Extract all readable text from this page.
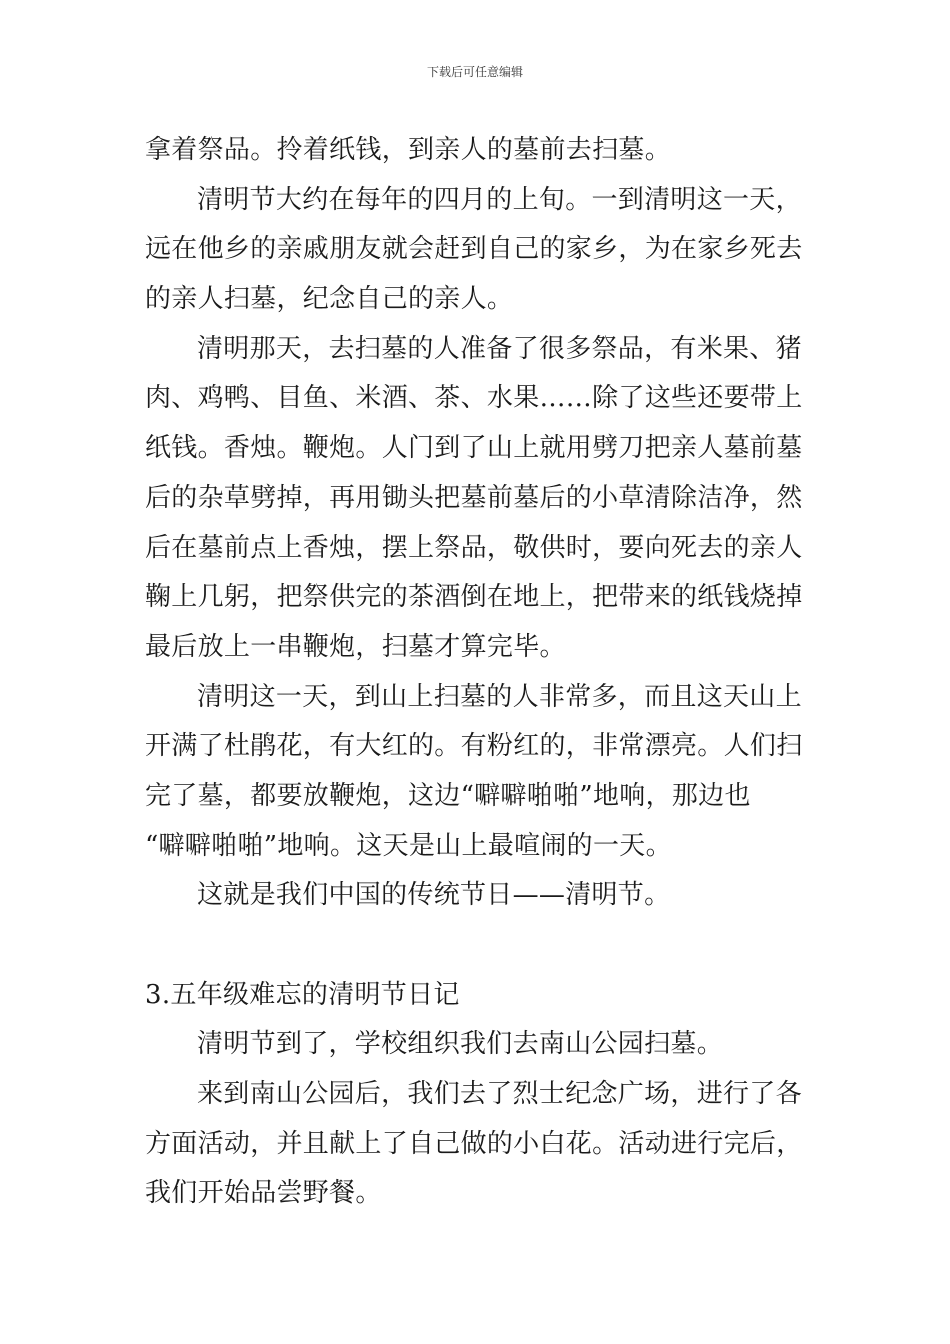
下载后可任意编辑
拿着祭品。拎着纸钱，到亲人的墓前去扫墓。
清明节大约在每年的四月的上旬。一到清明这一天，
远在他乡的亲戚朋友就会赶到自己的家乡，为在家乡死去
的亲人扫墓，纪念自己的亲人。
清明那天，去扫墓的人准备了很多祭品，有米果、猪
肉、鸡鸭、目鱼、米酒、茶、水果……除了这些还要带上
纸钱。香烛。鞭炮。人门到了山上就用劈刀把亲人墓前墓
后的杂草劈掉，再用锄头把墓前墓后的小草清除洁净，然
后在墓前点上香烛，摆上祭品，敬供时，要向死去的亲人
鞠上几躬，把祭供完的茶酒倒在地上，把带来的纸钱烧掉
最后放上一串鞭炮，扫墓才算完毕。
清明这一天，到山上扫墓的人非常多，而且这天山上
开满了杜鹃花，有大红的。有粉红的，非常漂亮。人们扫
完了墓，都要放鞭炮，这边“噼噼啪啪”地响，那边也
“噼噼啪啪”地响。这天是山上最喧闹的一天。
这就是我们中国的传统节日——清明节。
3.五年级难忘的清明节日记
清明节到了，学校组织我们去南山公园扫墓。
来到南山公园后，我们去了烈士纪念广场，进行了各
方面活动，并且献上了自己做的小白花。活动进行完后，
我们开始品尝野餐。
